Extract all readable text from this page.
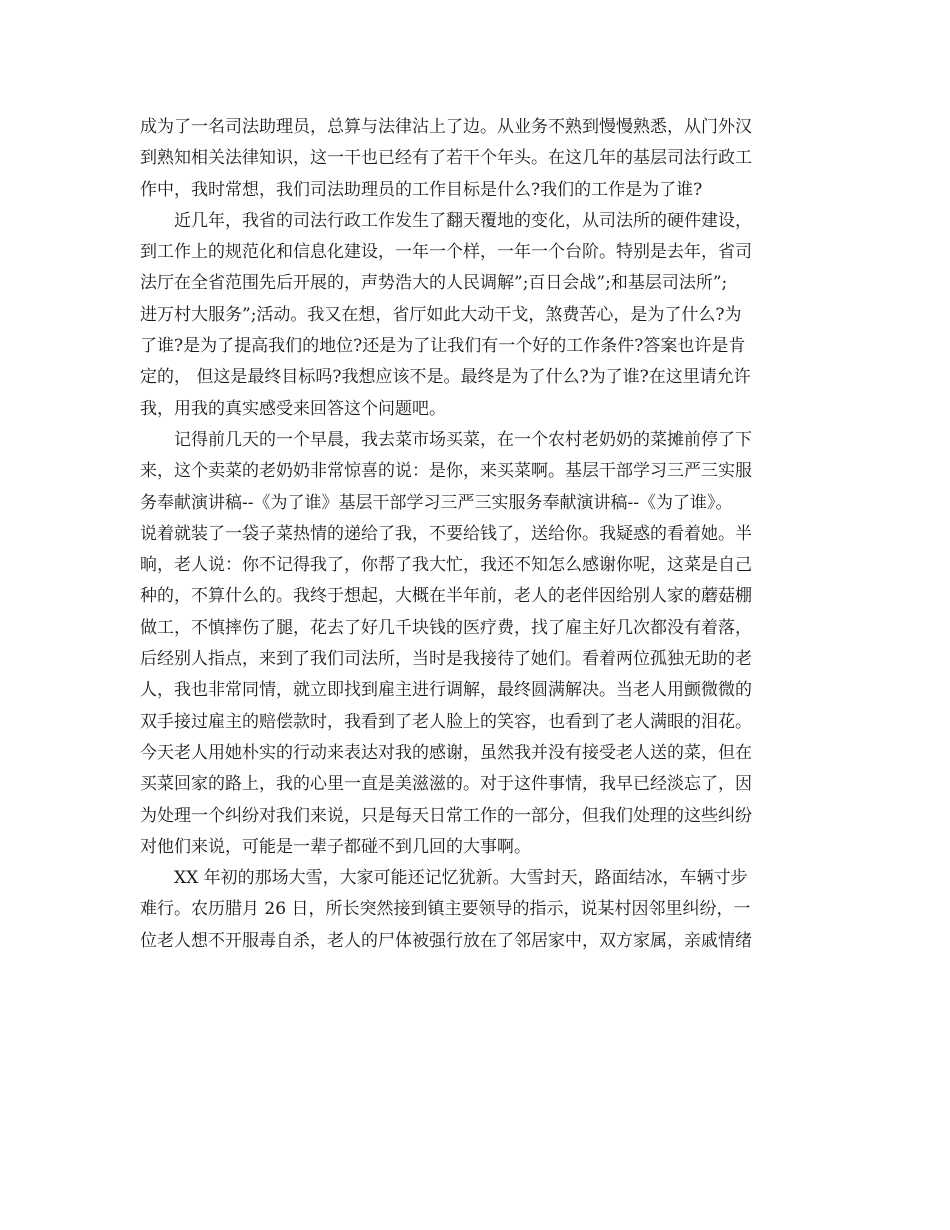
成为了一名司法助理员，总算与法律沾上了边。从业务不熟到慢慢熟悉，从门外汉
到熟知相关法律知识，这一干也已经有了若干个年头。在这几年的基层司法行政工
作中，我时常想，我们司法助理员的工作目标是什么?我们的工作是为了谁?
近几年，我省的司法行政工作发生了翻天覆地的变化，从司法所的硬件建设，
到工作上的规范化和信息化建设，一年一个样，一年一个台阶。特别是去年，省司
法厅在全省范围先后开展的，声势浩大的人民调解”;百日会战”;和基层司法所”;
进万村大服务”;活动。我又在想，省厅如此大动干戈，煞费苦心，是为了什么?为
了谁?是为了提高我们的地位?还是为了让我们有一个好的工作条件?答案也许是肯
定的， 但这是最终目标吗?我想应该不是。最终是为了什么?为了谁?在这里请允许
我，用我的真实感受来回答这个问题吧。
记得前几天的一个早晨，我去菜市场买菜，在一个农村老奶奶的菜摊前停了下
来，这个卖菜的老奶奶非常惊喜的说：是你，来买菜啊。基层干部学习三严三实服
务奉献演讲稿--《为了谁》基层干部学习三严三实服务奉献演讲稿--《为了谁》。
说着就装了一袋子菜热情的递给了我，不要给钱了，送给你。我疑惑的看着她。半
晌，老人说：你不记得我了，你帮了我大忙，我还不知怎么感谢你呢，这菜是自己
种的，不算什么的。我终于想起，大概在半年前，老人的老伴因给别人家的蘑菇棚
做工，不慎摔伤了腿，花去了好几千块钱的医疗费，找了雇主好几次都没有着落，
后经别人指点，来到了我们司法所，当时是我接待了她们。看着两位孤独无助的老
人，我也非常同情，就立即找到雇主进行调解，最终圆满解决。当老人用颤微微的
双手接过雇主的赔偿款时，我看到了老人脸上的笑容，也看到了老人满眼的泪花。
今天老人用她朴实的行动来表达对我的感谢，虽然我并没有接受老人送的菜，但在
买菜回家的路上，我的心里一直是美滋滋的。对于这件事情，我早已经淡忘了，因
为处理一个纠纷对我们来说，只是每天日常工作的一部分，但我们处理的这些纠纷
对他们来说，可能是一辈子都碰不到几回的大事啊。
XX 年初的那场大雪，大家可能还记忆犹新。大雪封天，路面结冰，车辆寸步
难行。农历腊月 26 日，所长突然接到镇主要领导的指示，说某村因邻里纠纷，一
位老人想不开服毒自杀，老人的尸体被强行放在了邻居家中，双方家属，亲戚情绪
